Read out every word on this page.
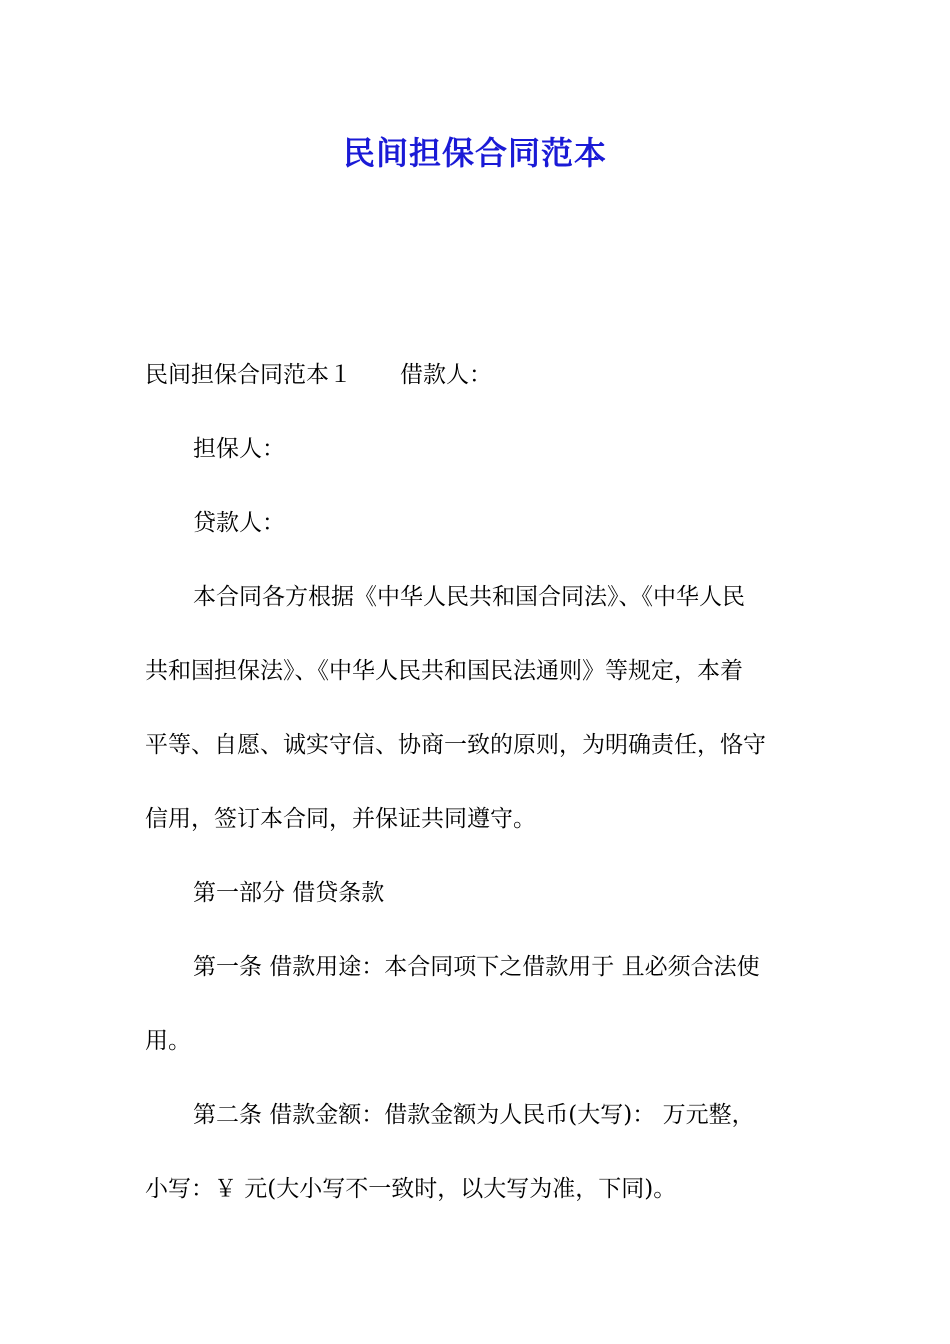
民间担保合同范本
民间担保合同范本１ 借款人：
担保人：
贷款人：
本合同各方根据《中华人民共和国合同法》、《中华人民
共和国担保法》、《中华人民共和国民法通则》等规定，本着
平等、自愿、诚实守信、协商一致的原则，为明确责任，恪守
信用，签订本合同，并保证共同遵守。
第一部分 借贷条款
第一条 借款用途：本合同项下之借款用于 且必须合法使
用。
第二条 借款金额：借款金额为人民币(大写)： 万元整，
小写：￥ 元(大小写不一致时，以大写为准，下同)。
